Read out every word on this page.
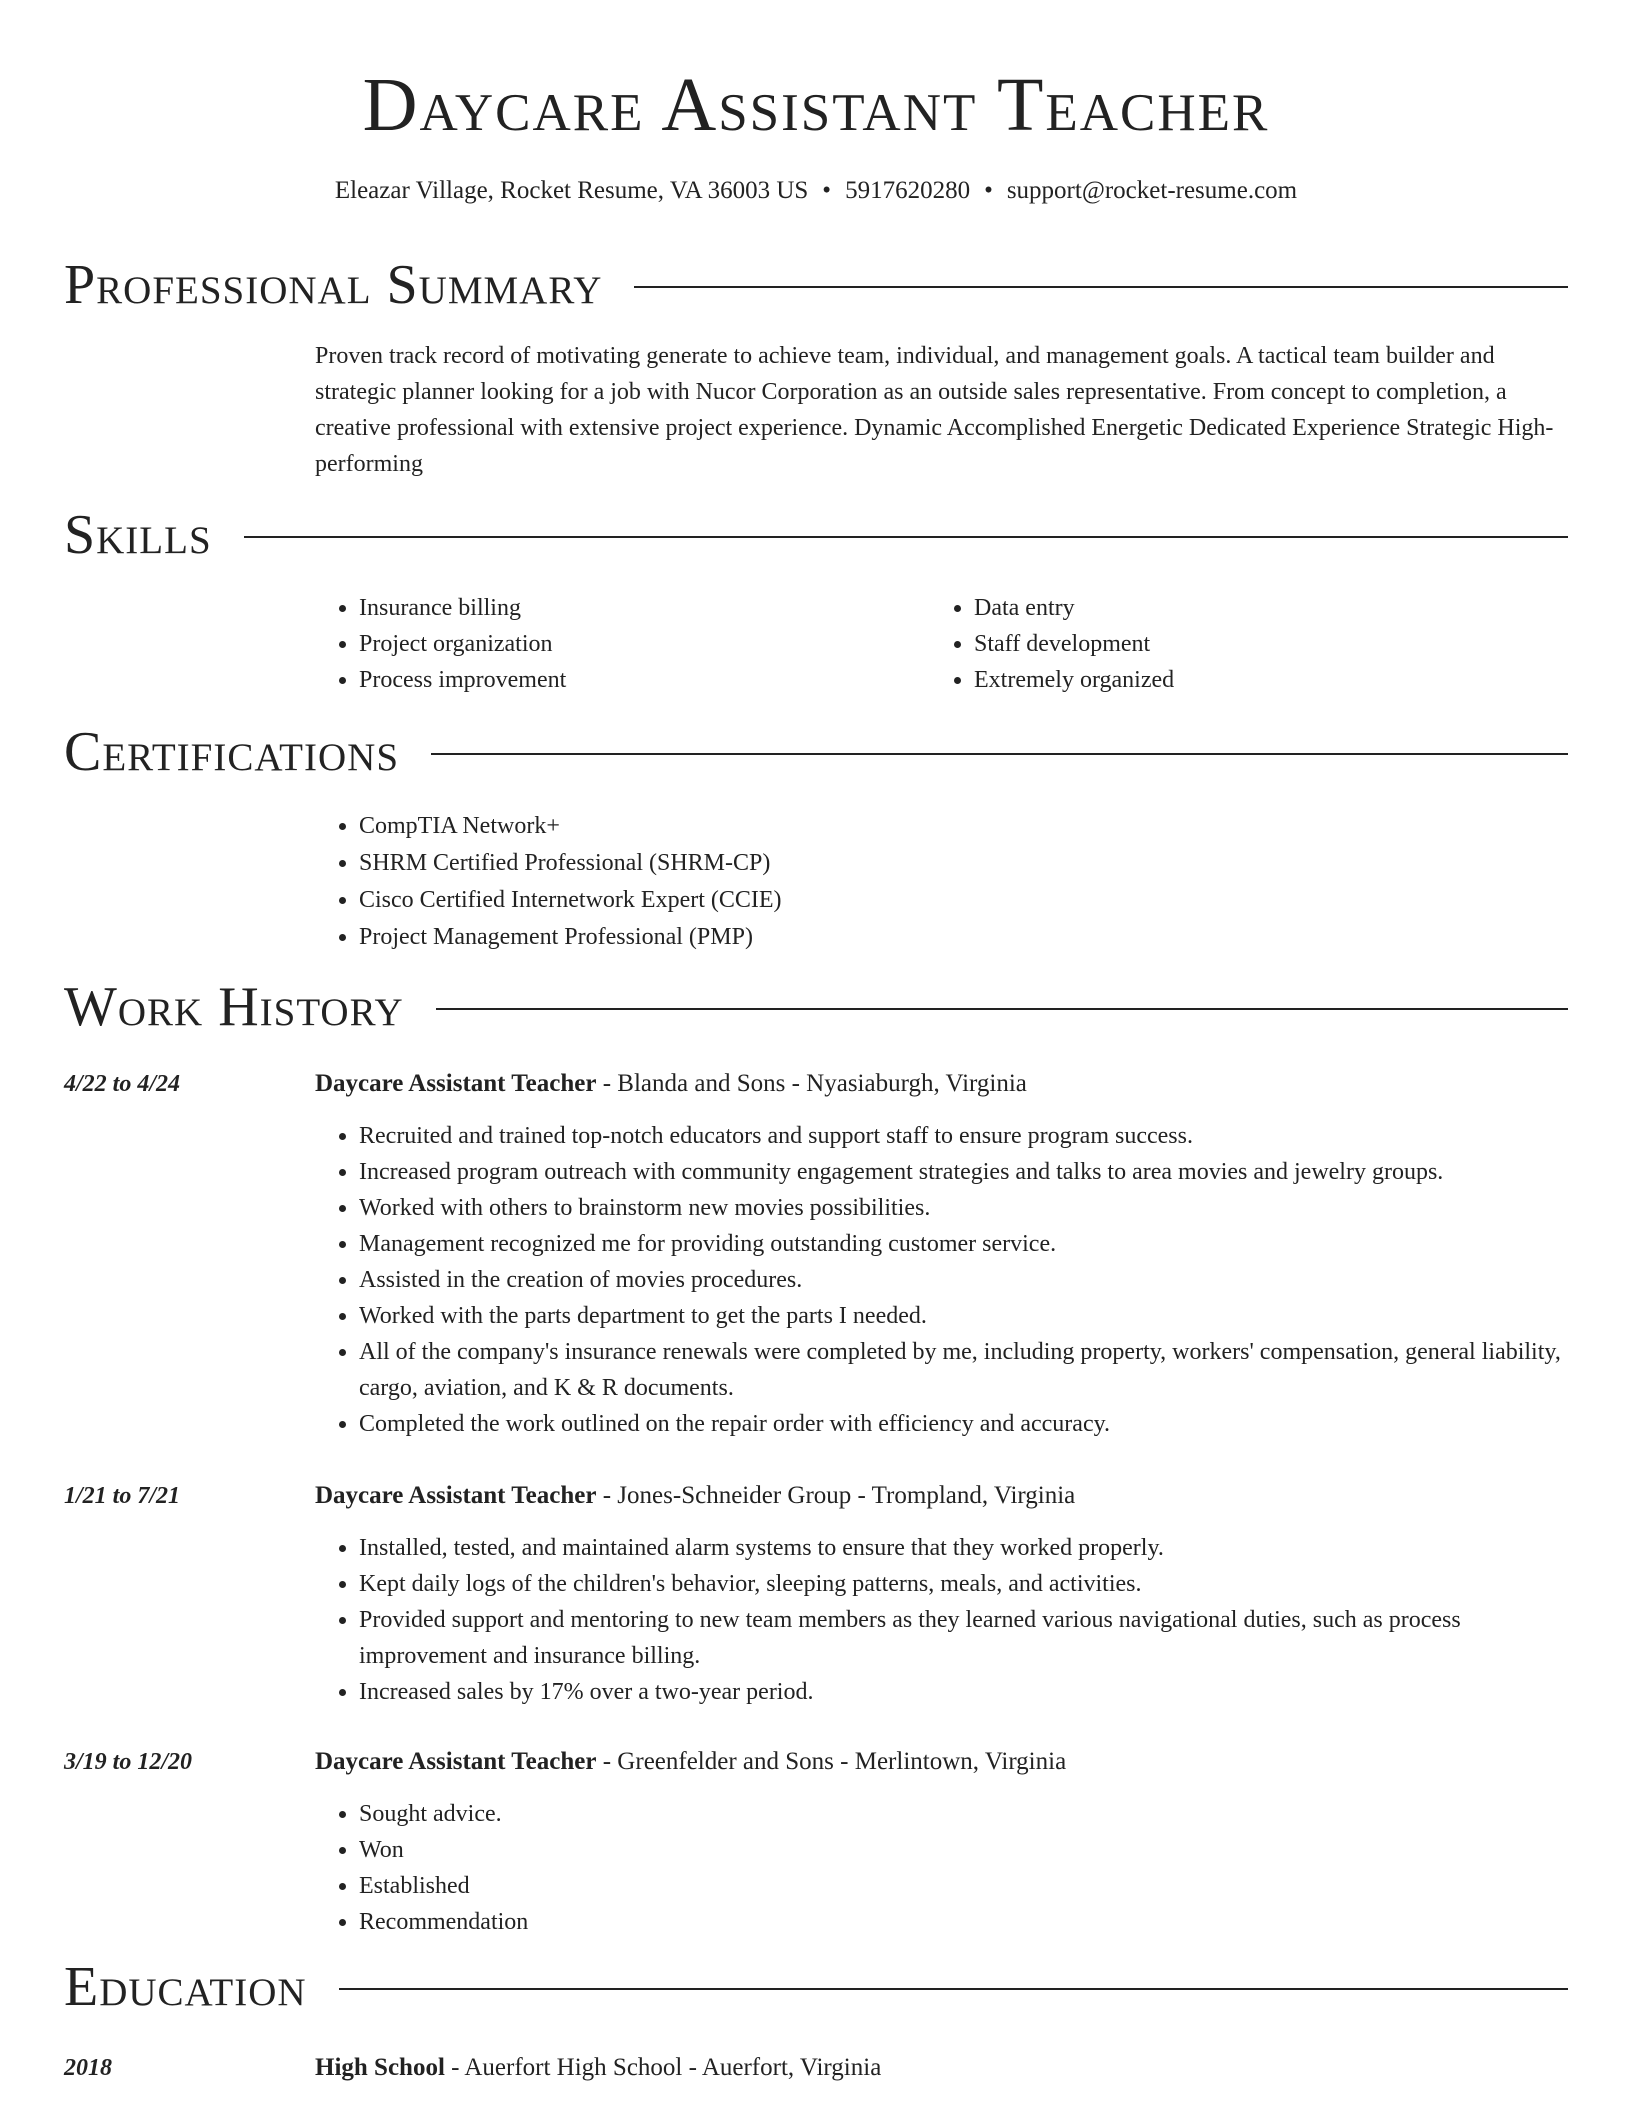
Daycare Assistant Teacher
Eleazar Village, Rocket Resume, VA 36003 US • 5917620280 • support@rocket-resume.com
Professional Summary
Proven track record of motivating generate to achieve team, individual, and management goals. A tactical team builder and strategic planner looking for a job with Nucor Corporation as an outside sales representative. From concept to completion, a creative professional with extensive project experience. Dynamic Accomplished Energetic Dedicated Experience Strategic High-performing
Skills
• Insurance billing
• Project organization
• Process improvement
• Data entry
• Staff development
• Extremely organized
Certifications
• CompTIA Network+
• SHRM Certified Professional (SHRM-CP)
• Cisco Certified Internetwork Expert (CCIE)
• Project Management Professional (PMP)
Work History
4/22 to 4/24	Daycare Assistant Teacher - Blanda and Sons - Nyasiaburgh, Virginia
• Recruited and trained top-notch educators and support staff to ensure program success.
• Increased program outreach with community engagement strategies and talks to area movies and jewelry groups.
• Worked with others to brainstorm new movies possibilities.
• Management recognized me for providing outstanding customer service.
• Assisted in the creation of movies procedures.
• Worked with the parts department to get the parts I needed.
• All of the company's insurance renewals were completed by me, including property, workers' compensation, general liability, cargo, aviation, and K & R documents.
• Completed the work outlined on the repair order with efficiency and accuracy.
1/21 to 7/21	Daycare Assistant Teacher - Jones-Schneider Group - Trompland, Virginia
• Installed, tested, and maintained alarm systems to ensure that they worked properly.
• Kept daily logs of the children's behavior, sleeping patterns, meals, and activities.
• Provided support and mentoring to new team members as they learned various navigational duties, such as process improvement and insurance billing.
• Increased sales by 17% over a two-year period.
3/19 to 12/20	Daycare Assistant Teacher - Greenfelder and Sons - Merlintown, Virginia
• Sought advice.
• Won
• Established
• Recommendation
Education
2018	High School - Auerfort High School - Auerfort, Virginia
